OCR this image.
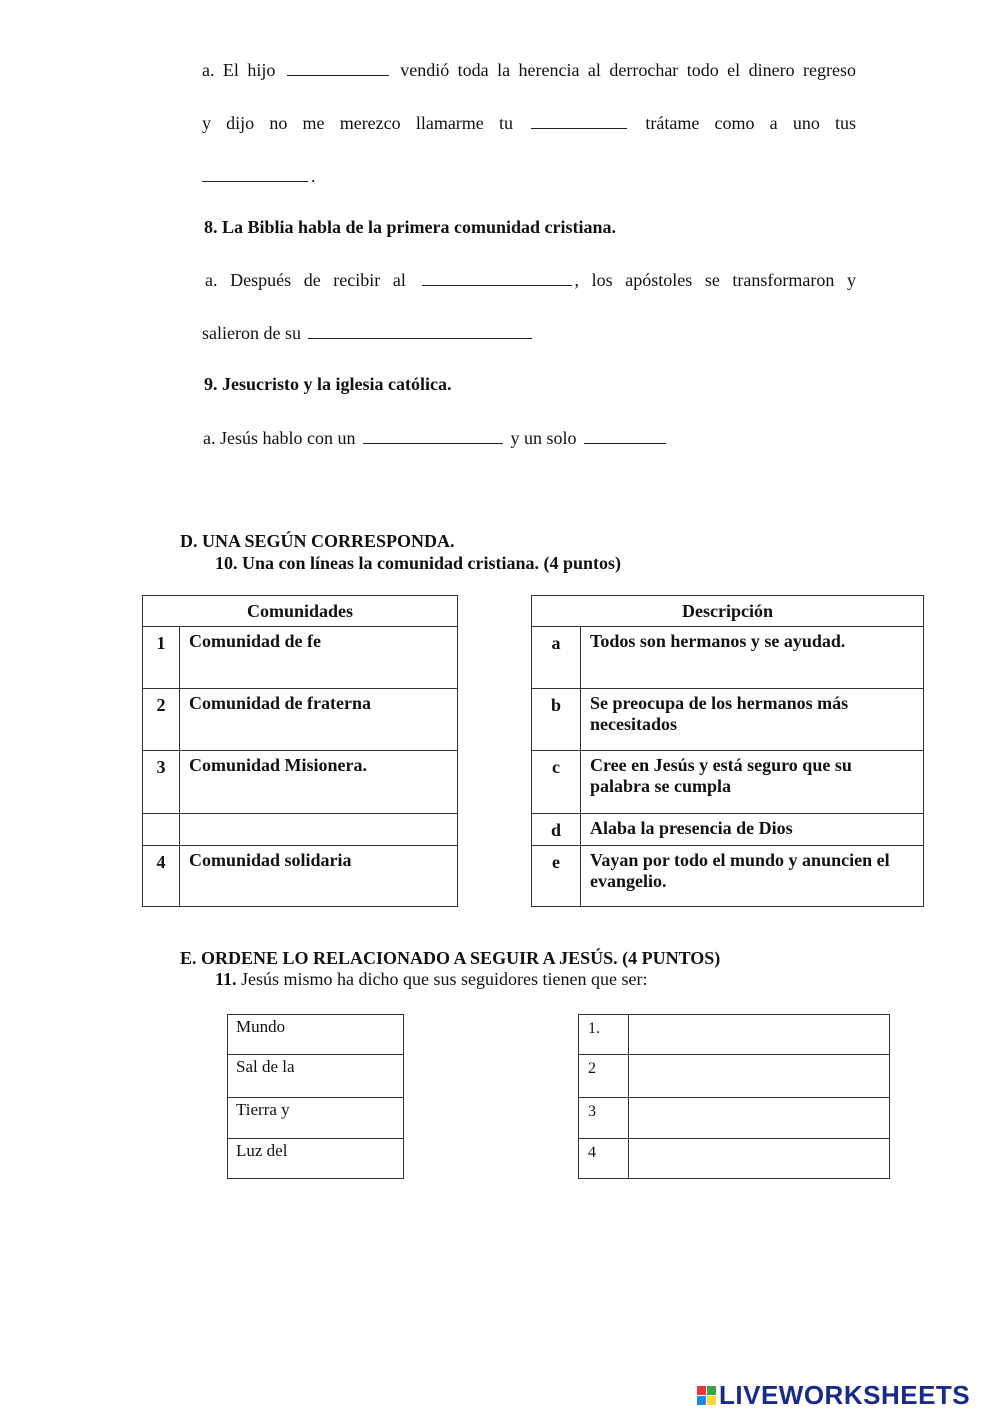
a. El hijo	vendió toda la herencia al derrochar todo el dinero regreso
y dijo no me merezco llamarme tu	trátame como a uno tus
.
8. La Biblia habla de la primera comunidad cristiana.
a. Después de recibir al	, los apóstoles se transformaron y
salieron de su
9. Jesucristo y la iglesia católica.
a. Jesús hablo con un	y un solo
D. UNA SEGÚN CORRESPONDA.
10. Una con líneas la comunidad cristiana. (4 puntos)
Comunidades	
1	Comunidad de fe
2	Comunidad de fraterna
3	Comunidad Misionera.

4	Comunidad solidaria
Descripción	
a	Todos son hermanos y se ayudad.
b	Se preocupa de los hermanos más necesitados
c	Cree en Jesús y está seguro que su palabra se cumpla
d	Alaba la presencia de Dios
e	Vayan por todo el mundo y anuncien el evangelio.
E. ORDENE LO RELACIONADO A SEGUIR A JESÚS. (4 PUNTOS)
11. Jesús mismo ha dicho que sus seguidores tienen que ser:
Mundo
Sal de la
Tierra y
Luz del
1.	
2	
3	
4	
LIVEWORKSHEETS
